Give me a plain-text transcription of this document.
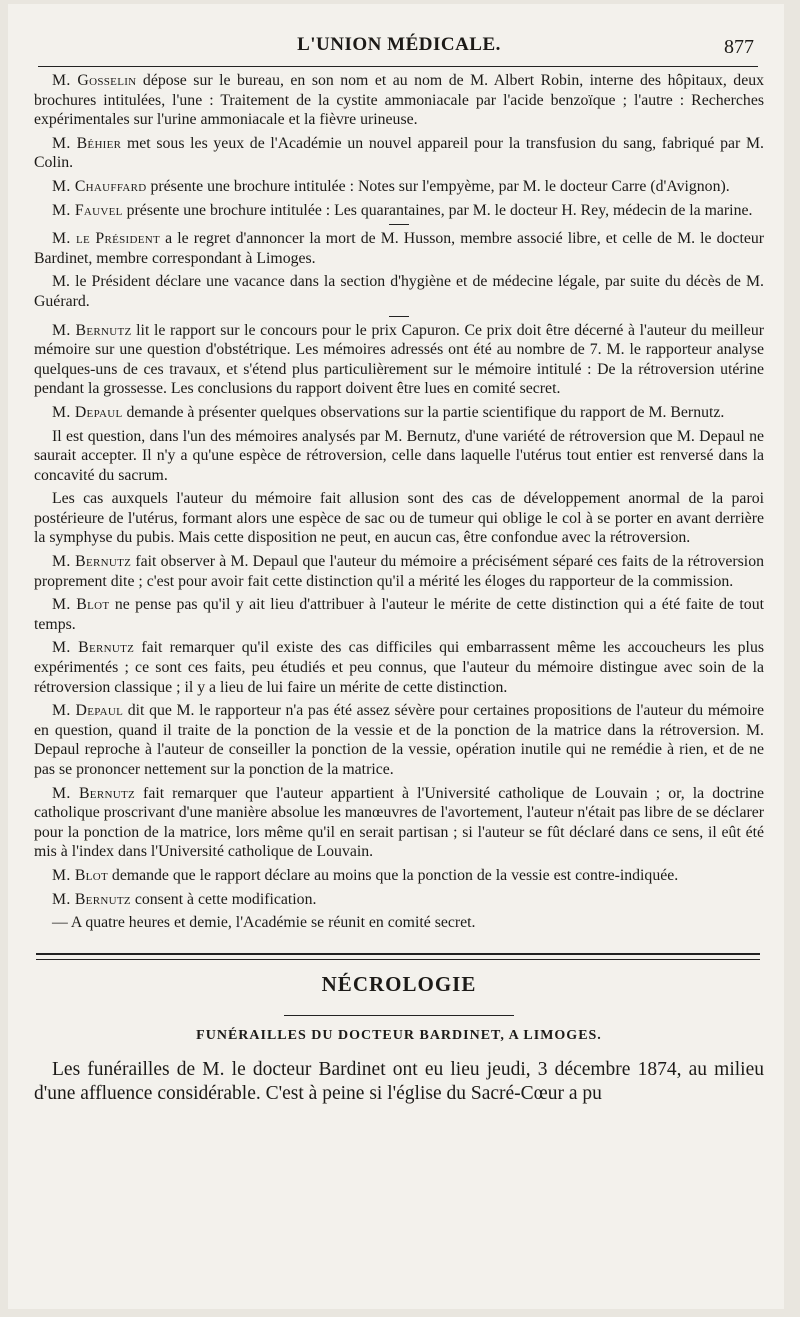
L'UNION MÉDICALE.	877

M. Gosselin dépose sur le bureau, en son nom et au nom de M. Albert Robin, interne des hôpitaux, deux brochures intitulées, l'une : Traitement de la cystite ammoniacale par l'acide benzoïque ; l'autre : Recherches expérimentales sur l'urine ammoniacale et la fièvre urineuse.

M. Béhier met sous les yeux de l'Académie un nouvel appareil pour la transfusion du sang, fabriqué par M. Colin.

M. Chauffard présente une brochure intitulée : Notes sur l'empyème, par M. le docteur Carre (d'Avignon).

M. Fauvel présente une brochure intitulée : Les quarantaines, par M. le docteur H. Rey, médecin de la marine.

M. le Président a le regret d'annoncer la mort de M. Husson, membre associé libre, et celle de M. le docteur Bardinet, membre correspondant à Limoges.

M. le Président déclare une vacance dans la section d'hygiène et de médecine légale, par suite du décès de M. Guérard.

M. Bernutz lit le rapport sur le concours pour le prix Capuron. Ce prix doit être décerné à l'auteur du meilleur mémoire sur une question d'obstétrique. Les mémoires adressés ont été au nombre de 7. M. le rapporteur analyse quelques-uns de ces travaux, et s'étend plus particulièrement sur le mémoire intitulé : De la rétroversion utérine pendant la grossesse. Les conclusions du rapport doivent être lues en comité secret.

M. Depaul demande à présenter quelques observations sur la partie scientifique du rapport de M. Bernutz.

Il est question, dans l'un des mémoires analysés par M. Bernutz, d'une variété de rétroversion que M. Depaul ne saurait accepter. Il n'y a qu'une espèce de rétroversion, celle dans laquelle l'utérus tout entier est renversé dans la concavité du sacrum.

Les cas auxquels l'auteur du mémoire fait allusion sont des cas de développement anormal de la paroi postérieure de l'utérus, formant alors une espèce de sac ou de tumeur qui oblige le col à se porter en avant derrière la symphyse du pubis. Mais cette disposition ne peut, en aucun cas, être confondue avec la rétroversion.

M. Bernutz fait observer à M. Depaul que l'auteur du mémoire a précisément séparé ces faits de la rétroversion proprement dite ; c'est pour avoir fait cette distinction qu'il a mérité les éloges du rapporteur de la commission.

M. Blot ne pense pas qu'il y ait lieu d'attribuer à l'auteur le mérite de cette distinction qui a été faite de tout temps.

M. Bernutz fait remarquer qu'il existe des cas difficiles qui embarrassent même les accoucheurs les plus expérimentés ; ce sont ces faits, peu étudiés et peu connus, que l'auteur du mémoire distingue avec soin de la rétroversion classique ; il y a lieu de lui faire un mérite de cette distinction.

M. Depaul dit que M. le rapporteur n'a pas été assez sévère pour certaines propositions de l'auteur du mémoire en question, quand il traite de la ponction de la vessie et de la ponction de la matrice dans la rétroversion. M. Depaul reproche à l'auteur de conseiller la ponction de la vessie, opération inutile qui ne remédie à rien, et de ne pas se prononcer nettement sur la ponction de la matrice.

M. Bernutz fait remarquer que l'auteur appartient à l'Université catholique de Louvain ; or, la doctrine catholique proscrivant d'une manière absolue les manœuvres de l'avortement, l'auteur n'était pas libre de se déclarer pour la ponction de la matrice, lors même qu'il en serait partisan ; si l'auteur se fût déclaré dans ce sens, il eût été mis à l'index dans l'Université catholique de Louvain.

M. Blot demande que le rapport déclare au moins que la ponction de la vessie est contre-indiquée.

M. Bernutz consent à cette modification.

— A quatre heures et demie, l'Académie se réunit en comité secret.

NÉCROLOGIE
FUNÉRAILLES DU DOCTEUR BARDINET, A LIMOGES.

Les funérailles de M. le docteur Bardinet ont eu lieu jeudi, 3 décembre 1874, au milieu d'une affluence considérable. C'est à peine si l'église du Sacré-Cœur a pu
